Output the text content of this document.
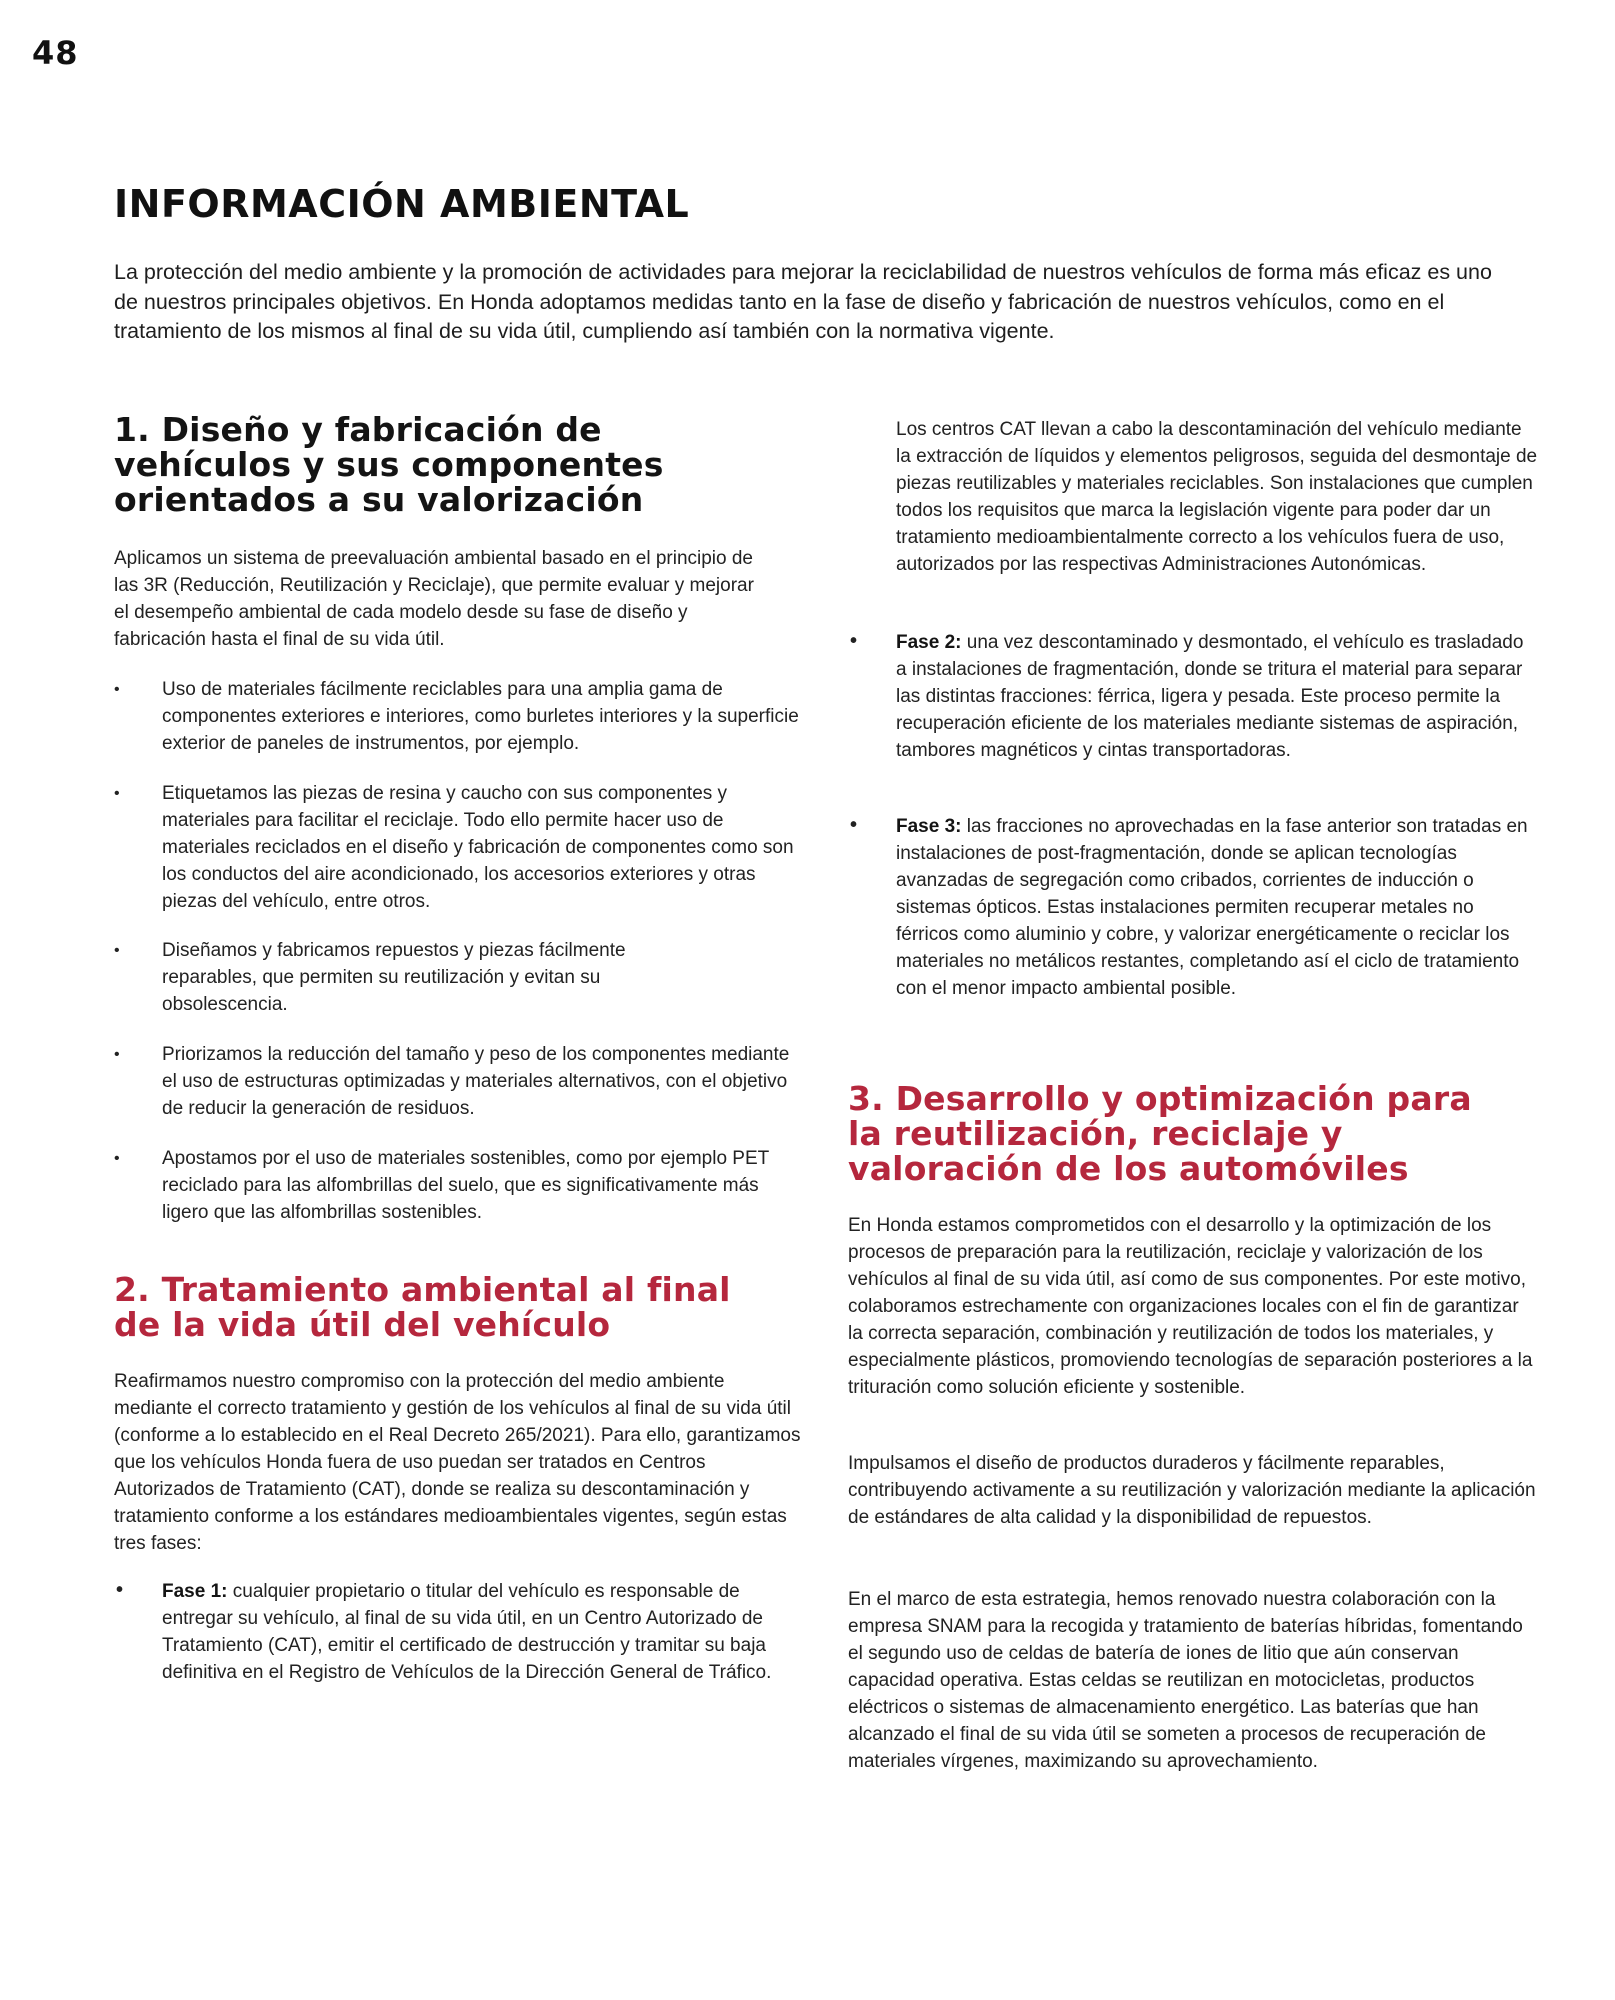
48
INFORMACIÓN AMBIENTAL

La protección del medio ambiente y la promoción de actividades para mejorar la reciclabilidad de nuestros vehículos de forma más eficaz es uno de nuestros principales objetivos. En Honda adoptamos medidas tanto en la fase de diseño y fabricación de nuestros vehículos, como en el tratamiento de los mismos al final de su vida útil, cumpliendo así también con la normativa vigente.

1. Diseño y fabricación de vehículos y sus componentes orientados a su valorización

Aplicamos un sistema de preevaluación ambiental basado en el principio de las 3R (Reducción, Reutilización y Reciclaje), que permite evaluar y mejorar el desempeño ambiental de cada modelo desde su fase de diseño y fabricación hasta el final de su vida útil.

• Uso de materiales fácilmente reciclables para una amplia gama de componentes exteriores e interiores, como burletes interiores y la superficie exterior de paneles de instrumentos, por ejemplo.
• Etiquetamos las piezas de resina y caucho con sus componentes y materiales para facilitar el reciclaje. Todo ello permite hacer uso de materiales reciclados en el diseño y fabricación de componentes como son los conductos del aire acondicionado, los accesorios exteriores y otras piezas del vehículo, entre otros.
• Diseñamos y fabricamos repuestos y piezas fácilmente reparables, que permiten su reutilización y evitan su obsolescencia.
• Priorizamos la reducción del tamaño y peso de los componentes mediante el uso de estructuras optimizadas y materiales alternativos, con el objetivo de reducir la generación de residuos.
• Apostamos por el uso de materiales sostenibles, como por ejemplo PET reciclado para las alfombrillas del suelo, que es significativamente más ligero que las alfombrillas sostenibles.
2. Tratamiento ambiental al final de la vida útil del vehículo

Reafirmamos nuestro compromiso con la protección del medio ambiente mediante el correcto tratamiento y gestión de los vehículos al final de su vida útil (conforme a lo establecido en el Real Decreto 265/2021). Para ello, garantizamos que los vehículos Honda fuera de uso puedan ser tratados en Centros Autorizados de Tratamiento (CAT), donde se realiza su descontaminación y tratamiento conforme a los estándares medioambientales vigentes, según estas tres fases:

• Fase 1: cualquier propietario o titular del vehículo es responsable de entregar su vehículo, al final de su vida útil, en un Centro Autorizado de Tratamiento (CAT), emitir el certificado de destrucción y tramitar su baja definitiva en el Registro de Vehículos de la Dirección General de Tráfico.

Los centros CAT llevan a cabo la descontaminación del vehículo mediante la extracción de líquidos y elementos peligrosos, seguida del desmontaje de piezas reutilizables y materiales reciclables. Son instalaciones que cumplen todos los requisitos que marca la legislación vigente para poder dar un tratamiento medioambientalmente correcto a los vehículos fuera de uso, autorizados por las respectivas Administraciones Autonómicas.

• Fase 2: una vez descontaminado y desmontado, el vehículo es trasladado a instalaciones de fragmentación, donde se tritura el material para separar las distintas fracciones: férrica, ligera y pesada. Este proceso permite la recuperación eficiente de los materiales mediante sistemas de aspiración, tambores magnéticos y cintas transportadoras.
• Fase 3: las fracciones no aprovechadas en la fase anterior son tratadas en instalaciones de post-fragmentación, donde se aplican tecnologías avanzadas de segregación como cribados, corrientes de inducción o sistemas ópticos. Estas instalaciones permiten recuperar metales no férricos como aluminio y cobre, y valorizar energéticamente o reciclar los materiales no metálicos restantes, completando así el ciclo de tratamiento con el menor impacto ambiental posible.
3. Desarrollo y optimización para la reutilización, reciclaje y valoración de los automóviles

En Honda estamos comprometidos con el desarrollo y la optimización de los procesos de preparación para la reutilización, reciclaje y valorización de los vehículos al final de su vida útil, así como de sus componentes. Por este motivo, colaboramos estrechamente con organizaciones locales con el fin de garantizar la correcta separación, combinación y reutilización de todos los materiales, y especialmente plásticos, promoviendo tecnologías de separación posteriores a la trituración como solución eficiente y sostenible.

Impulsamos el diseño de productos duraderos y fácilmente reparables, contribuyendo activamente a su reutilización y valorización mediante la aplicación de estándares de alta calidad y la disponibilidad de repuestos.

En el marco de esta estrategia, hemos renovado nuestra colaboración con la empresa SNAM para la recogida y tratamiento de baterías híbridas, fomentando el segundo uso de celdas de batería de iones de litio que aún conservan capacidad operativa. Estas celdas se reutilizan en motocicletas, productos eléctricos o sistemas de almacenamiento energético. Las baterías que han alcanzado el final de su vida útil se someten a procesos de recuperación de materiales vírgenes, maximizando su aprovechamiento.
